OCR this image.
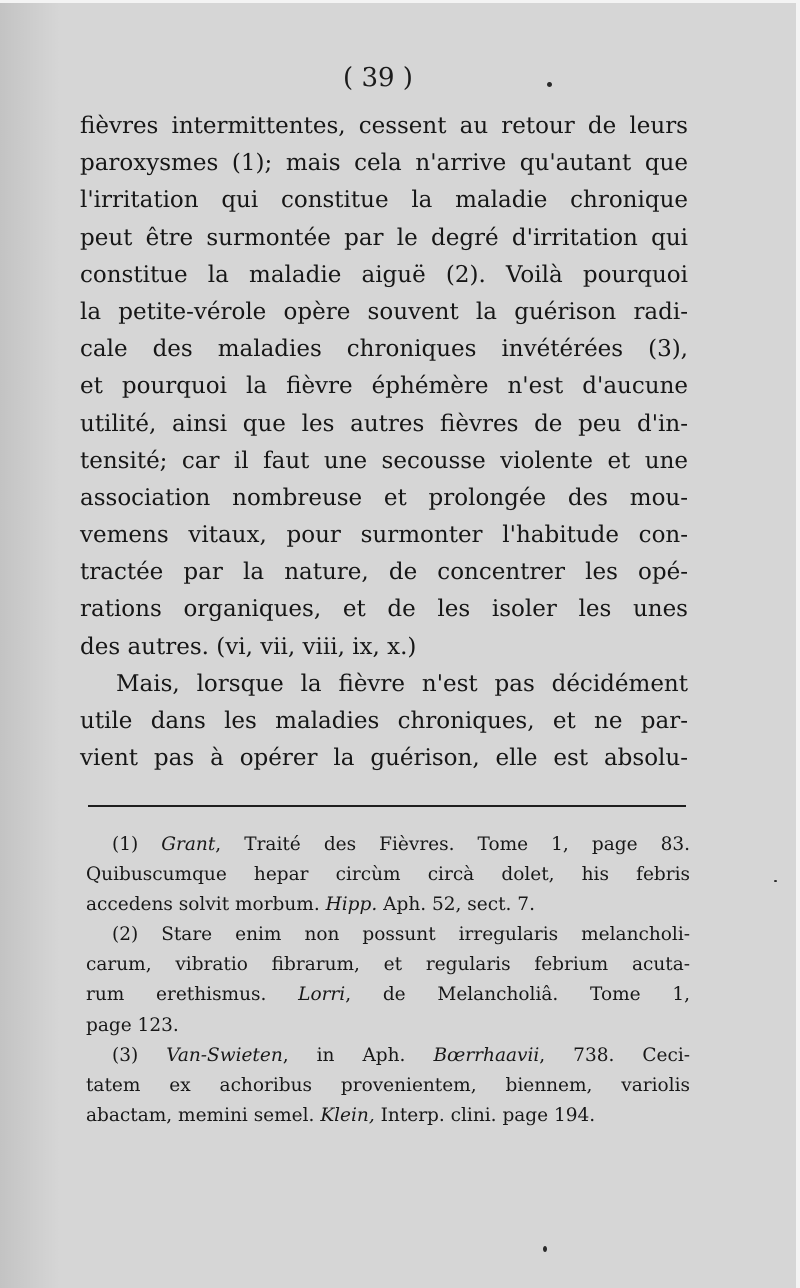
( 39 )
fièvres intermittentes, cessent au retour de leurs
paroxysmes (1); mais cela n'arrive qu'autant que
l'irritation qui constitue la maladie chronique
peut être surmontée par le degré d'irritation qui
constitue la maladie aiguë (2). Voilà pourquoi
la petite-vérole opère souvent la guérison radi-
cale des maladies chroniques invétérées (3),
et pourquoi la fièvre éphémère n'est d'aucune
utilité, ainsi que les autres fièvres de peu d'in-
tensité; car il faut une secousse violente et une
association nombreuse et prolongée des mou-
vemens vitaux, pour surmonter l'habitude con-
tractée par la nature, de concentrer les opé-
rations organiques, et de les isoler les unes
des autres. (vi, vii, viii, ix, x.)
Mais, lorsque la fièvre n'est pas décidément
utile dans les maladies chroniques, et ne par-
vient pas à opérer la guérison, elle est absolu-
(1) Grant, Traité des Fièvres. Tome 1, page 83.
Quibuscumque hepar circùm circà dolet, his febris
accedens solvit morbum. Hipp. Aph. 52, sect. 7.
(2) Stare enim non possunt irregularis melancholi-
carum, vibratio fibrarum, et regularis febrium acuta-
rum erethismus. Lorri, de Melancholiâ. Tome 1,
page 123.
(3) Van-Swieten, in Aph. Bœrrhaavii, 738. Ceci-
tatem ex achoribus provenientem, biennem, variolis
abactam, memini semel. Klein, Interp. clini. page 194.
